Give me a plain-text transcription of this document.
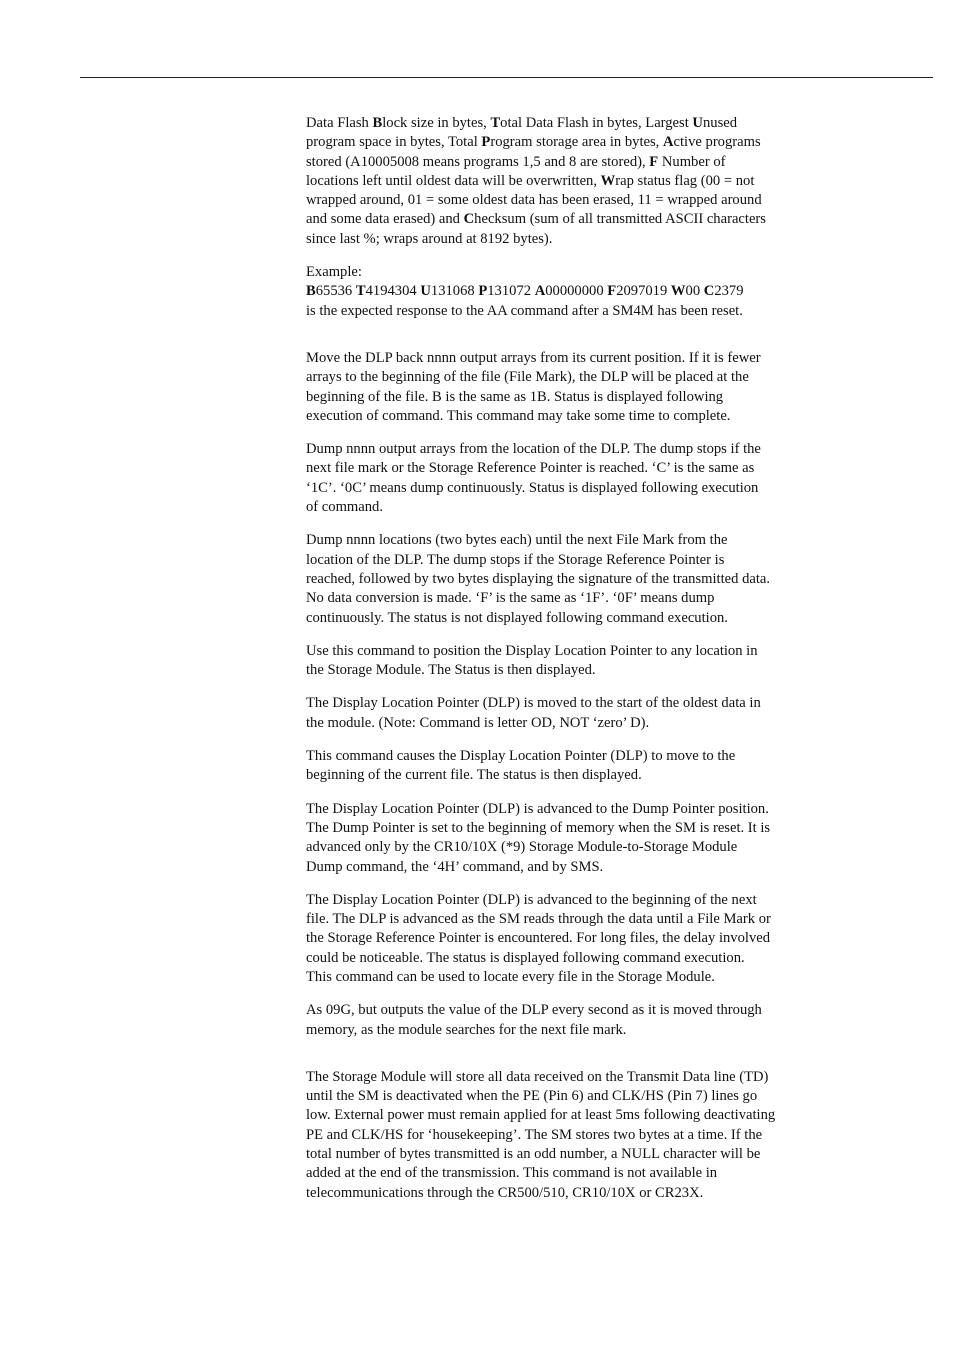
Data Flash Block size in bytes, Total Data Flash in bytes, Largest Unused
program space in bytes, Total Program storage area in bytes, Active programs
stored (A10005008 means programs 1,5 and 8 are stored), F Number of
locations left until oldest data will be overwritten, Wrap status flag (00 = not
wrapped around, 01 = some oldest data has been erased, 11 = wrapped around
and some data erased) and Checksum (sum of all transmitted ASCII characters
since last %; wraps around at 8192 bytes).

Example:
B65536 T4194304 U131068 P131072 A00000000 F2097019 W00 C2379
is the expected response to the AA command after a SM4M has been reset.

Move the DLP back nnnn output arrays from its current position. If it is fewer
arrays to the beginning of the file (File Mark), the DLP will be placed at the
beginning of the file. B is the same as 1B. Status is displayed following
execution of command. This command may take some time to complete.

Dump nnnn output arrays from the location of the DLP. The dump stops if the
next file mark or the Storage Reference Pointer is reached. ‘C’ is the same as
‘1C’. ‘0C’ means dump continuously. Status is displayed following execution
of command.

Dump nnnn locations (two bytes each) until the next File Mark from the
location of the DLP. The dump stops if the Storage Reference Pointer is
reached, followed by two bytes displaying the signature of the transmitted data.
No data conversion is made. ‘F’ is the same as ‘1F’. ‘0F’ means dump
continuously. The status is not displayed following command execution.

Use this command to position the Display Location Pointer to any location in
the Storage Module. The Status is then displayed.

The Display Location Pointer (DLP) is moved to the start of the oldest data in
the module. (Note: Command is letter OD, NOT ‘zero’ D).

This command causes the Display Location Pointer (DLP) to move to the
beginning of the current file. The status is then displayed.

The Display Location Pointer (DLP) is advanced to the Dump Pointer position.
The Dump Pointer is set to the beginning of memory when the SM is reset. It is
advanced only by the CR10/10X (*9) Storage Module-to-Storage Module
Dump command, the ‘4H’ command, and by SMS.

The Display Location Pointer (DLP) is advanced to the beginning of the next
file. The DLP is advanced as the SM reads through the data until a File Mark or
the Storage Reference Pointer is encountered. For long files, the delay involved
could be noticeable. The status is displayed following command execution.
This command can be used to locate every file in the Storage Module.

As 09G, but outputs the value of the DLP every second as it is moved through
memory, as the module searches for the next file mark.

The Storage Module will store all data received on the Transmit Data line (TD)
until the SM is deactivated when the PE (Pin 6) and CLK/HS (Pin 7) lines go
low. External power must remain applied for at least 5ms following deactivating
PE and CLK/HS for ‘housekeeping’. The SM stores two bytes at a time. If the
total number of bytes transmitted is an odd number, a NULL character will be
added at the end of the transmission. This command is not available in
telecommunications through the CR500/510, CR10/10X or CR23X.
